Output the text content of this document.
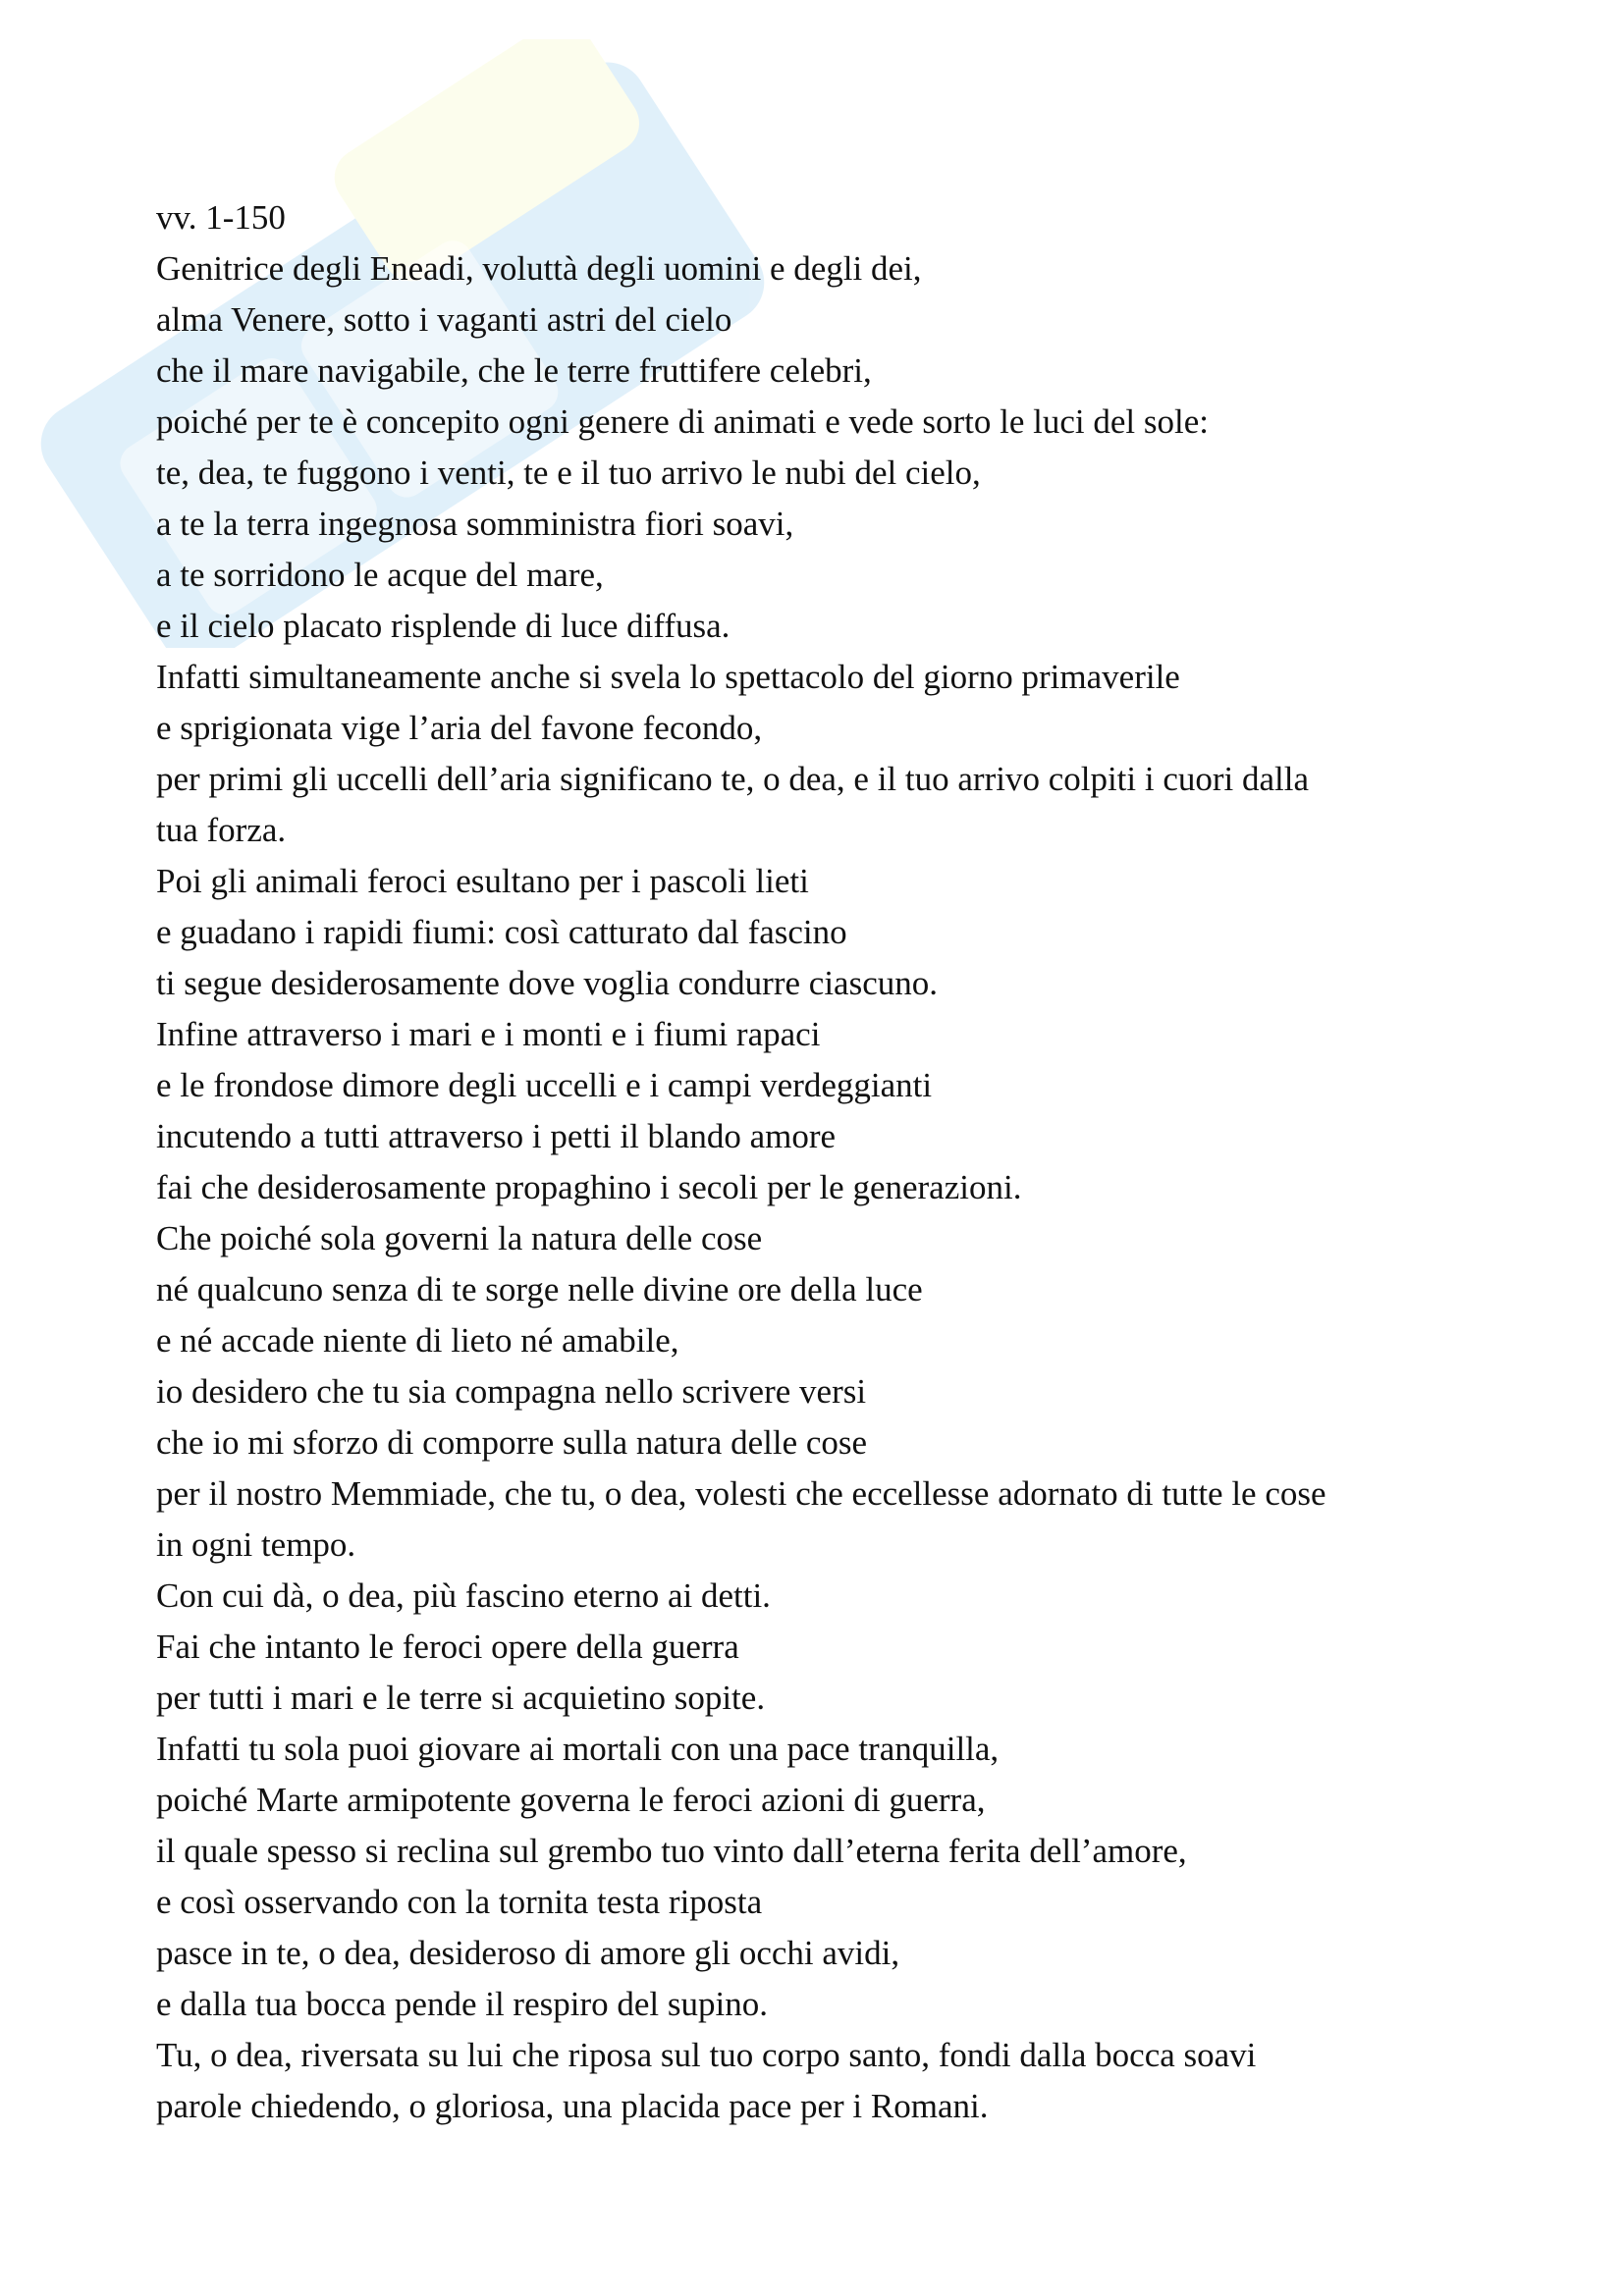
vv. 1-150
Genitrice degli Eneadi, voluttà degli uomini e degli dei,
alma Venere, sotto i vaganti astri del cielo
che il mare navigabile, che le terre fruttifere celebri,
poiché per te è concepito ogni genere di animati e vede sorto le luci del sole:
te, dea, te fuggono i venti, te e il tuo arrivo le nubi del cielo,
a te la terra ingegnosa somministra fiori soavi,
a te sorridono le acque del mare,
e il cielo placato risplende di luce diffusa.
Infatti simultaneamente anche si svela lo spettacolo del giorno primaverile
e sprigionata vige l’aria del favone fecondo,
per primi gli uccelli dell’aria significano te, o dea, e il tuo arrivo colpiti i cuori dalla
tua forza.
Poi gli animali feroci esultano per i pascoli lieti
e guadano i rapidi fiumi: così catturato dal fascino
ti segue desiderosamente dove voglia condurre ciascuno.
Infine attraverso i mari e i monti e i fiumi rapaci
e le frondose dimore degli uccelli e i campi verdeggianti
incutendo a tutti attraverso i petti il blando amore
fai che desiderosamente propaghino i secoli per le generazioni.
Che poiché sola governi la natura delle cose
né qualcuno senza di te sorge nelle divine ore della luce
e né accade niente di lieto né amabile,
io desidero che tu sia compagna nello scrivere versi
che io mi sforzo di comporre sulla natura delle cose
per il nostro Memmiade, che tu, o dea, volesti che eccellesse adornato di tutte le cose
in ogni tempo.
Con cui dà, o dea, più fascino eterno ai detti.
Fai che intanto le feroci opere della guerra
per tutti i mari e le terre si acquietino sopite.
Infatti tu sola puoi giovare ai mortali con una pace tranquilla,
poiché Marte armipotente governa le feroci azioni di guerra,
il quale spesso si reclina sul grembo tuo vinto dall’eterna ferita dell’amore,
e così osservando con la tornita testa riposta
pasce in te, o dea, desideroso di amore gli occhi avidi,
e dalla tua bocca pende il respiro del supino.
Tu, o dea, riversata su lui che riposa sul tuo corpo santo, fondi dalla bocca soavi
parole chiedendo, o gloriosa, una placida pace per i Romani.
